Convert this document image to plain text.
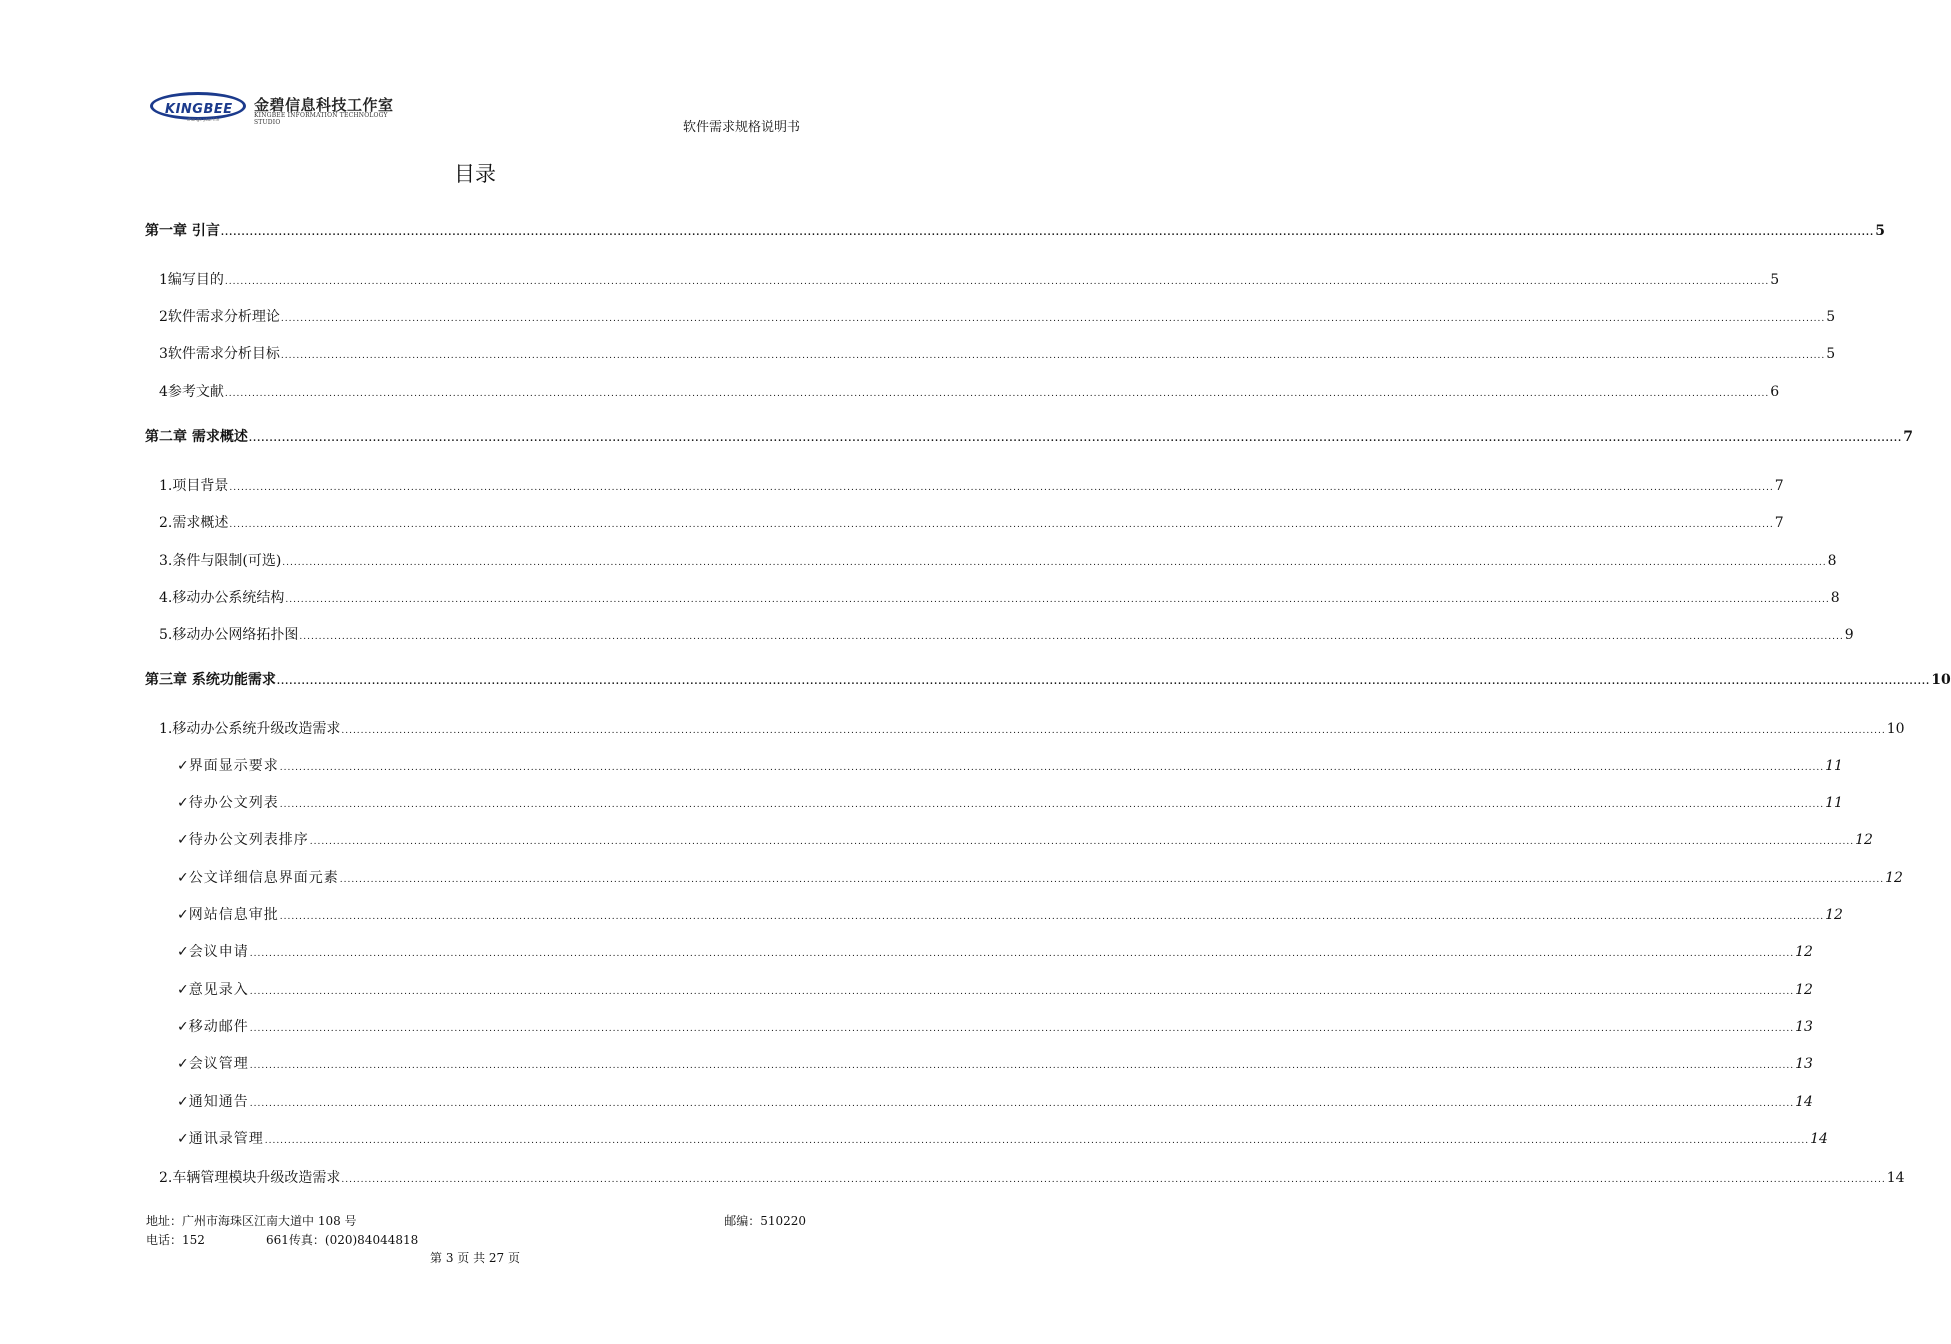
KINGBEE
change your life
金碧信息科技工作室
KINGBEE INFORMATION TECHNOLOGY STUDIO	软件需求规格说明书
目录
第一章 引言 ................................................................................................................................................................................................................................................................................................................................................................................................................ 5
1 编写目的 ................................................................................................................................................................................................................................................................................................................................................................................................................ 5
2 软件需求分析理论 ................................................................................................................................................................................................................................................................................................................................................................................................................ 5
3 软件需求分析目标 ................................................................................................................................................................................................................................................................................................................................................................................................................ 5
4 参考文献 ................................................................................................................................................................................................................................................................................................................................................................................................................ 6
第二章 需求概述 ................................................................................................................................................................................................................................................................................................................................................................................................................ 7
1. 项目背景 ................................................................................................................................................................................................................................................................................................................................................................................................................ 7
2. 需求概述 ................................................................................................................................................................................................................................................................................................................................................................................................................ 7
3. 条件与限制(可选) ................................................................................................................................................................................................................................................................................................................................................................................................................ 8
4. 移动办公系统结构 ................................................................................................................................................................................................................................................................................................................................................................................................................ 8
5. 移动办公网络拓扑图 ................................................................................................................................................................................................................................................................................................................................................................................................................ 9
第三章 系统功能需求 ................................................................................................................................................................................................................................................................................................................................................................................................................ 10
1. 移动办公系统升级改造需求 ................................................................................................................................................................................................................................................................................................................................................................................................................ 10
✓ 界面显示要求 ................................................................................................................................................................................................................................................................................................................................................................................................................ 11
✓ 待办公文列表 ................................................................................................................................................................................................................................................................................................................................................................................................................ 11
✓ 待办公文列表排序 ................................................................................................................................................................................................................................................................................................................................................................................................................ 12
✓ 公文详细信息界面元素 ................................................................................................................................................................................................................................................................................................................................................................................................................ 12
✓ 网站信息审批 ................................................................................................................................................................................................................................................................................................................................................................................................................ 12
✓ 会议申请 ................................................................................................................................................................................................................................................................................................................................................................................................................ 12
✓ 意见录入 ................................................................................................................................................................................................................................................................................................................................................................................................................ 12
✓ 移动邮件 ................................................................................................................................................................................................................................................................................................................................................................................................................ 13
✓ 会议管理 ................................................................................................................................................................................................................................................................................................................................................................................................................ 13
✓ 通知通告 ................................................................................................................................................................................................................................................................................................................................................................................................................ 14
✓ 通讯录管理 ................................................................................................................................................................................................................................................................................................................................................................................................................ 14
2. 车辆管理模块升级改造需求 ................................................................................................................................................................................................................................................................................................................................................................................................................ 14
地址：广州市海珠区江南大道中 108 号	邮编：510220
电话：152	661传真：(020)84044818
第 3 页 共 27 页
